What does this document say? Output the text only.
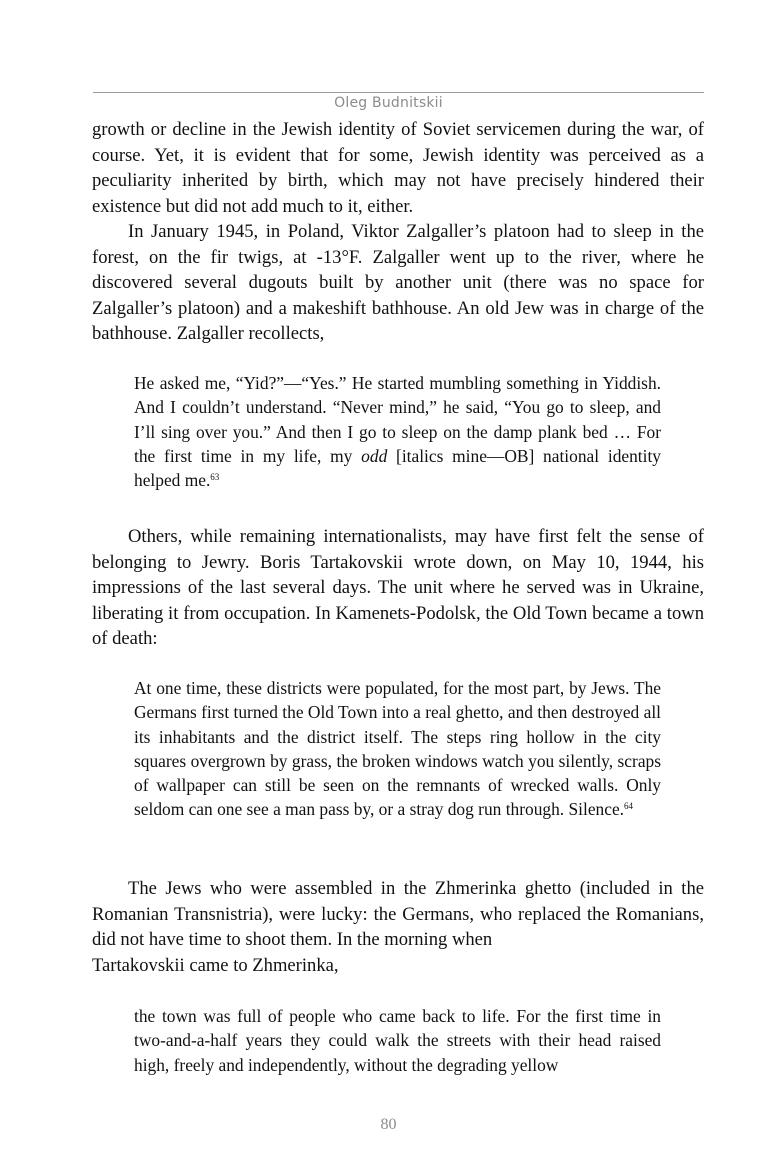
Oleg Budnitskii

growth or decline in the Jewish identity of Soviet servicemen during the war, of course. Yet, it is evident that for some, Jewish identity was perceived as a peculiarity inherited by birth, which may not have precisely hindered their existence but did not add much to it, either.

In January 1945, in Poland, Viktor Zalgaller’s platoon had to sleep in the forest, on the fir twigs, at -13°F. Zalgaller went up to the river, where he discovered several dugouts built by another unit (there was no space for Zalgaller’s platoon) and a makeshift bathhouse. An old Jew was in charge of the bathhouse. Zalgaller recollects,

He asked me, “Yid?”—“Yes.” He started mumbling something in Yiddish. And I couldn’t understand. “Never mind,” he said, “You go to sleep, and I’ll sing over you.” And then I go to sleep on the damp plank bed … For the first time in my life, my odd [italics mine—OB] national identity helped me.$^{63}$

Others, while remaining internationalists, may have first felt the sense of belonging to Jewry. Boris Tartakovskii wrote down, on May 10, 1944, his impressions of the last several days. The unit where he served was in Ukraine, liberating it from occupation. In Kamenets-Podolsk, the Old Town became a town of death:

At one time, these districts were populated, for the most part, by Jews. The Germans first turned the Old Town into a real ghetto, and then destroyed all its inhabitants and the district itself. The steps ring hollow in the city squares overgrown by grass, the broken windows watch you silently, scraps of wallpaper can still be seen on the remnants of wrecked walls. Only seldom can one see a man pass by, or a stray dog run through. Silence.$^{64}$

The Jews who were assembled in the Zhmerinka ghetto (included in the Romanian Transnistria), were lucky: the Germans, who replaced the Romanians, did not have time to shoot them. In the morning when
Tartakovskii came to Zhmerinka,

the town was full of people who came back to life. For the first time in two-and-a-half years they could walk the streets with their head raised high, freely and independently, without the degrading yellow

80
